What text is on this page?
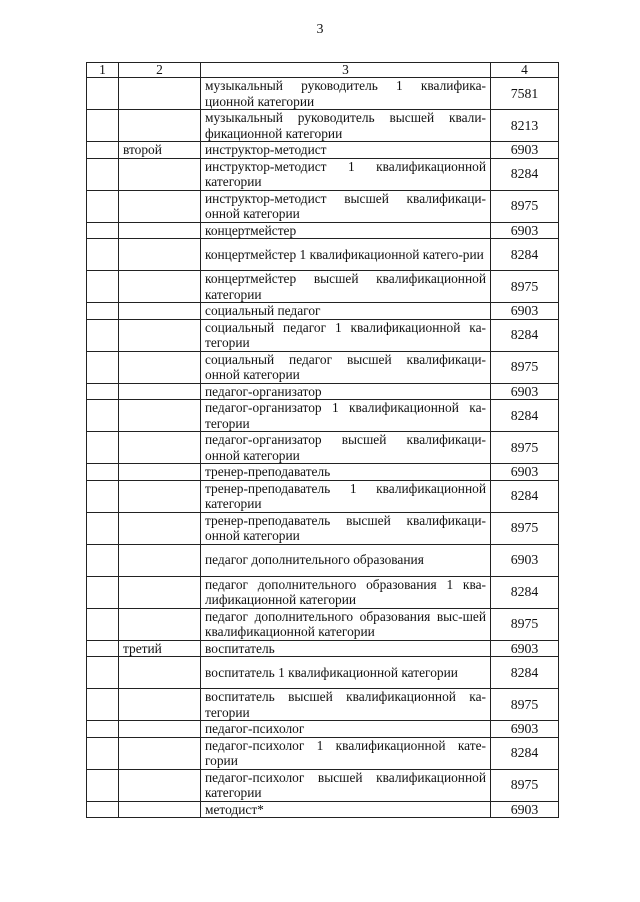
3
1	2	3	4
		музыкальный руководитель 1 квалифика-ционной категории	7581
		музыкальный руководитель высшей квали-фикационной категории	8213
	второй	инструктор-методист	6903
		инструктор-методист 1 квалификационной категории	8284
		инструктор-методист высшей квалификаци-онной категории	8975
		концертмейстер	6903
		концертмейстер 1 квалификационной катего-рии	8284
		концертмейстер высшей квалификационной категории	8975
		социальный педагог	6903
		социальный педагог 1 квалификационной ка-тегории	8284
		социальный педагог высшей квалификаци-онной категории	8975
		педагог-организатор	6903
		педагог-организатор 1 квалификационной ка-тегории	8284
		педагог-организатор высшей квалификаци-онной категории	8975
		тренер-преподаватель	6903
		тренер-преподаватель 1 квалификационной категории	8284
		тренер-преподаватель высшей квалификаци-онной категории	8975
		педагог дополнительного образования	6903
		педагог дополнительного образования 1 ква-лификационной категории	8284
		педагог дополнительного образования выс-шей квалификационной категории	8975
	третий	воспитатель	6903
		воспитатель 1 квалификационной категории	8284
		воспитатель высшей квалификационной ка-тегории	8975
		педагог-психолог	6903
		педагог-психолог 1 квалификационной кате-гории	8284
		педагог-психолог высшей квалификационной категории	8975
		методист*	6903
